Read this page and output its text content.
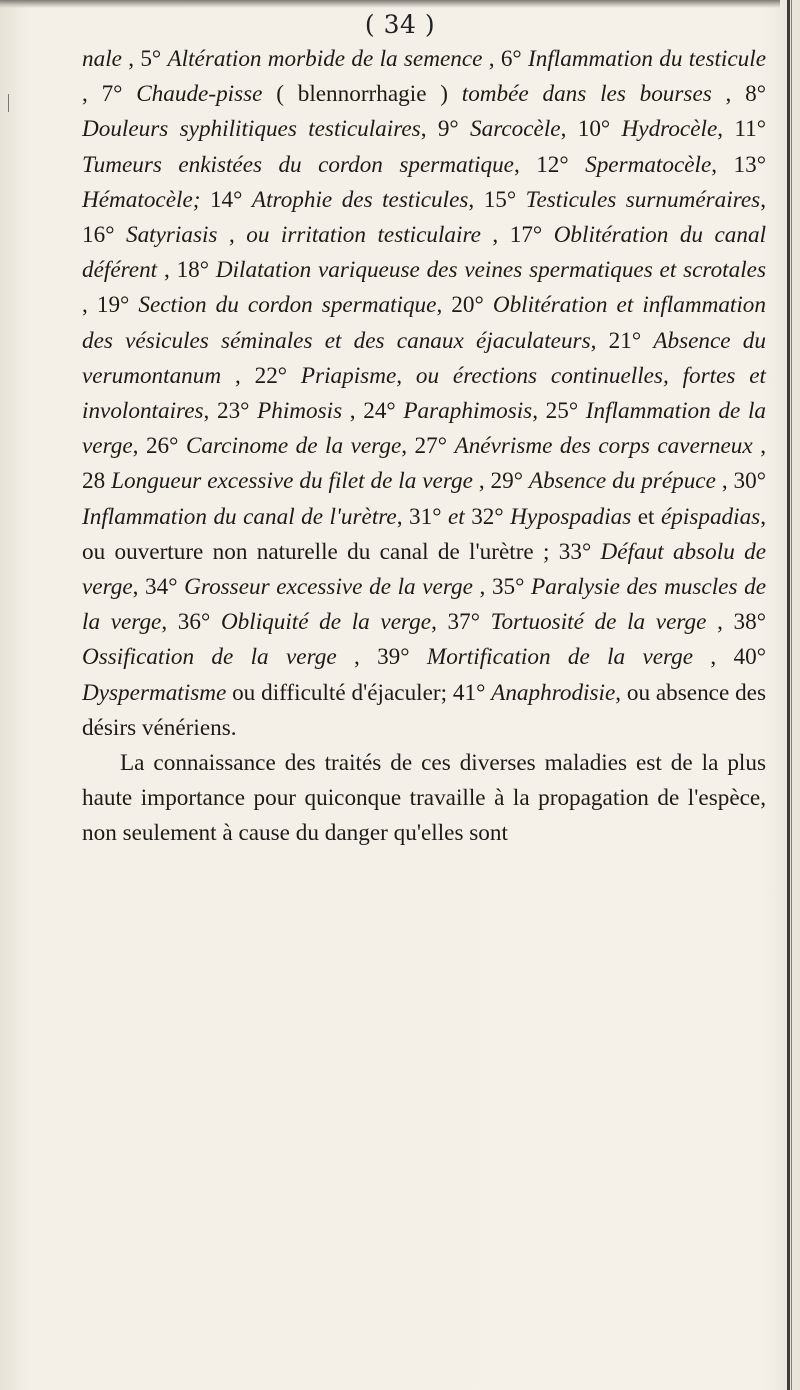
( 34 )

nale , 5° Altération morbide de la semence , 6° Inflammation du testicule , 7° Chaude-pisse ( blennorrhagie ) tombée dans les bourses , 8° Douleurs syphilitiques testiculaires, 9° Sarcocèle, 10° Hydrocèle, 11° Tumeurs enkistées du cordon spermatique, 12° Spermatocèle, 13° Hématocèle; 14° Atrophie des testicules, 15° Testicules surnuméraires, 16° Satyriasis , ou irritation testiculaire , 17° Oblitération du canal déférent , 18° Dilatation variqueuse des veines spermatiques et scrotales , 19° Section du cordon spermatique, 20° Oblitération et inflammation des vésicules séminales et des canaux éjaculateurs, 21° Absence du verumontanum , 22° Priapisme, ou érections continuelles, fortes et involontaires, 23° Phimosis , 24° Paraphimosis, 25° Inflammation de la verge, 26° Carcinome de la verge, 27° Anévrisme des corps caverneux , 28 Longueur excessive du filet de la verge , 29° Absence du prépuce , 30° Inflammation du canal de l'urètre, 31° et 32° Hypospadias et épispadias, ou ouverture non naturelle du canal de l'urètre ; 33° Défaut absolu de verge, 34° Grosseur excessive de la verge , 35° Paralysie des muscles de la verge, 36° Obliquité de la verge, 37° Tortuosité de la verge , 38° Ossification de la verge , 39° Mortification de la verge , 40° Dyspermatisme ou difficulté d'éjaculer; 41° Anaphrodisie, ou absence des désirs vénériens.

La connaissance des traités de ces diverses maladies est de la plus haute importance pour quiconque travaille à la propagation de l'espèce, non seulement à cause du danger qu'elles sont
